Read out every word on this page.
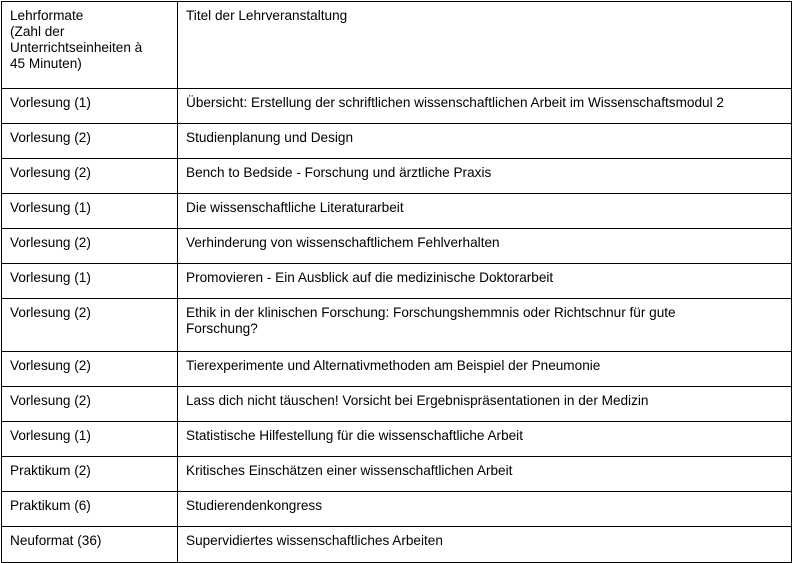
Lehrformate
(Zahl der
Unterrichtseinheiten à
45 Minuten)	Titel der Lehrveranstaltung
Vorlesung (1)	Übersicht: Erstellung der schriftlichen wissenschaftlichen Arbeit im Wissenschaftsmodul 2
Vorlesung (2)	Studienplanung und Design
Vorlesung (2)	Bench to Bedside - Forschung und ärztliche Praxis
Vorlesung (1)	Die wissenschaftliche Literaturarbeit
Vorlesung (2)	Verhinderung von wissenschaftlichem Fehlverhalten
Vorlesung (1)	Promovieren - Ein Ausblick auf die medizinische Doktorarbeit
Vorlesung (2)	Ethik in der klinischen Forschung: Forschungshemmnis oder Richtschnur für gute Forschung?
Vorlesung (2)	Tierexperimente und Alternativmethoden am Beispiel der Pneumonie
Vorlesung (2)	Lass dich nicht täuschen! Vorsicht bei Ergebnispräsentationen in der Medizin
Vorlesung (1)	Statistische Hilfestellung für die wissenschaftliche Arbeit
Praktikum (2)	Kritisches Einschätzen einer wissenschaftlichen Arbeit
Praktikum (6)	Studierendenkongress
Neuformat (36)	Supervidiertes wissenschaftliches Arbeiten
